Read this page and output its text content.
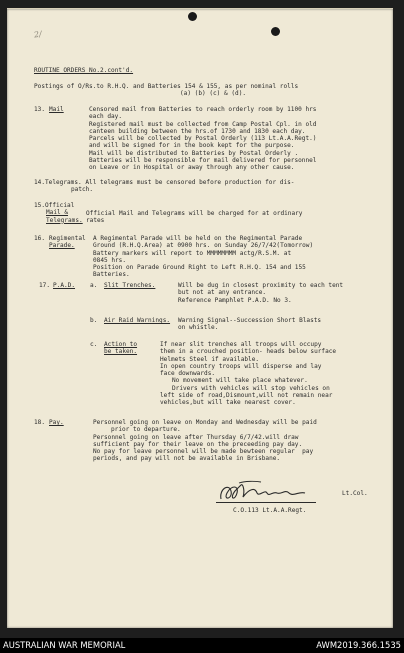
2/
ROUTINE ORDERS No.2.cont'd.
Postings of O/Rs.to R.H.Q. and Batteries 154 & 155, as per nominal rolls
(a) (b) (c) & (d).
13. Mail	Censored mail from Batteries to reach orderly room by 1100 hrs
each day.
Registered mail must be collected from Camp Postal Cpl. in old
canteen building between the hrs.of 1730 and 1830 each day.
Parcels will be collected by Postal Orderly (113 Lt.A.A.Regt.)
and will be signed for in the book kept for the purpose.
Mail will be distributed to Batteries by Postal Orderly .
Batteries will be responsible for mail delivered for personnel
on Leave or in Hospital or away through any other cause.
14.Telegrams. All telegrams must be censored before production for dis-
patch.
15.Official
Mail &
Telegrams.
Official Mail and Telegrams will be charged for at ordinary
rates
16. Regimental
Parade.
A Regimental Parade will be held on the Regimental Parade
Ground (R.H.Q.Area) at 0900 hrs. on Sunday 26/7/42(Tomorrow)
Battery markers will report to MMMMMMMM actg/R.S.M. at
0845 hrs.
Position on Parade Ground Right to Left R.H.Q. 154 and 155
Batteries.
17. P.A.D. a. Slit Trenches.	Will be dug in closest proximity to each tent
but not at any entrance.
Reference Pamphlet P.A.D. No 3.
b. Air Raid Warnings. Warning Signal--Succession Short Blasts
on whistle.
c. Action to
be taken.
If near slit trenches all troops will occupy
them in a crouched position- heads below surface
Helmets Steel if available.
In open country troops will disperse and lay
face downwards.
No movement will take place whatever.
Drivers with vehicles will stop vehicles on
left side of road,Dismount,will not remain near
vehicles,but will take nearest cover.
18. Pay.	Personnel going on leave on Monday and Wednesday will be paid
prior to departure.
Personnel going on leave after Thursday 6/7/42.will draw
sufficient pay for their leave on the preceeding pay day.
No pay for leave personnel will be made bewteen regular  pay
periods, and pay will not be available in Brisbane.
Lt.Col.
C.O.113 Lt.A.A.Regt.
AUSTRALIAN WAR MEMORIAL	AWM2019.366.1535
